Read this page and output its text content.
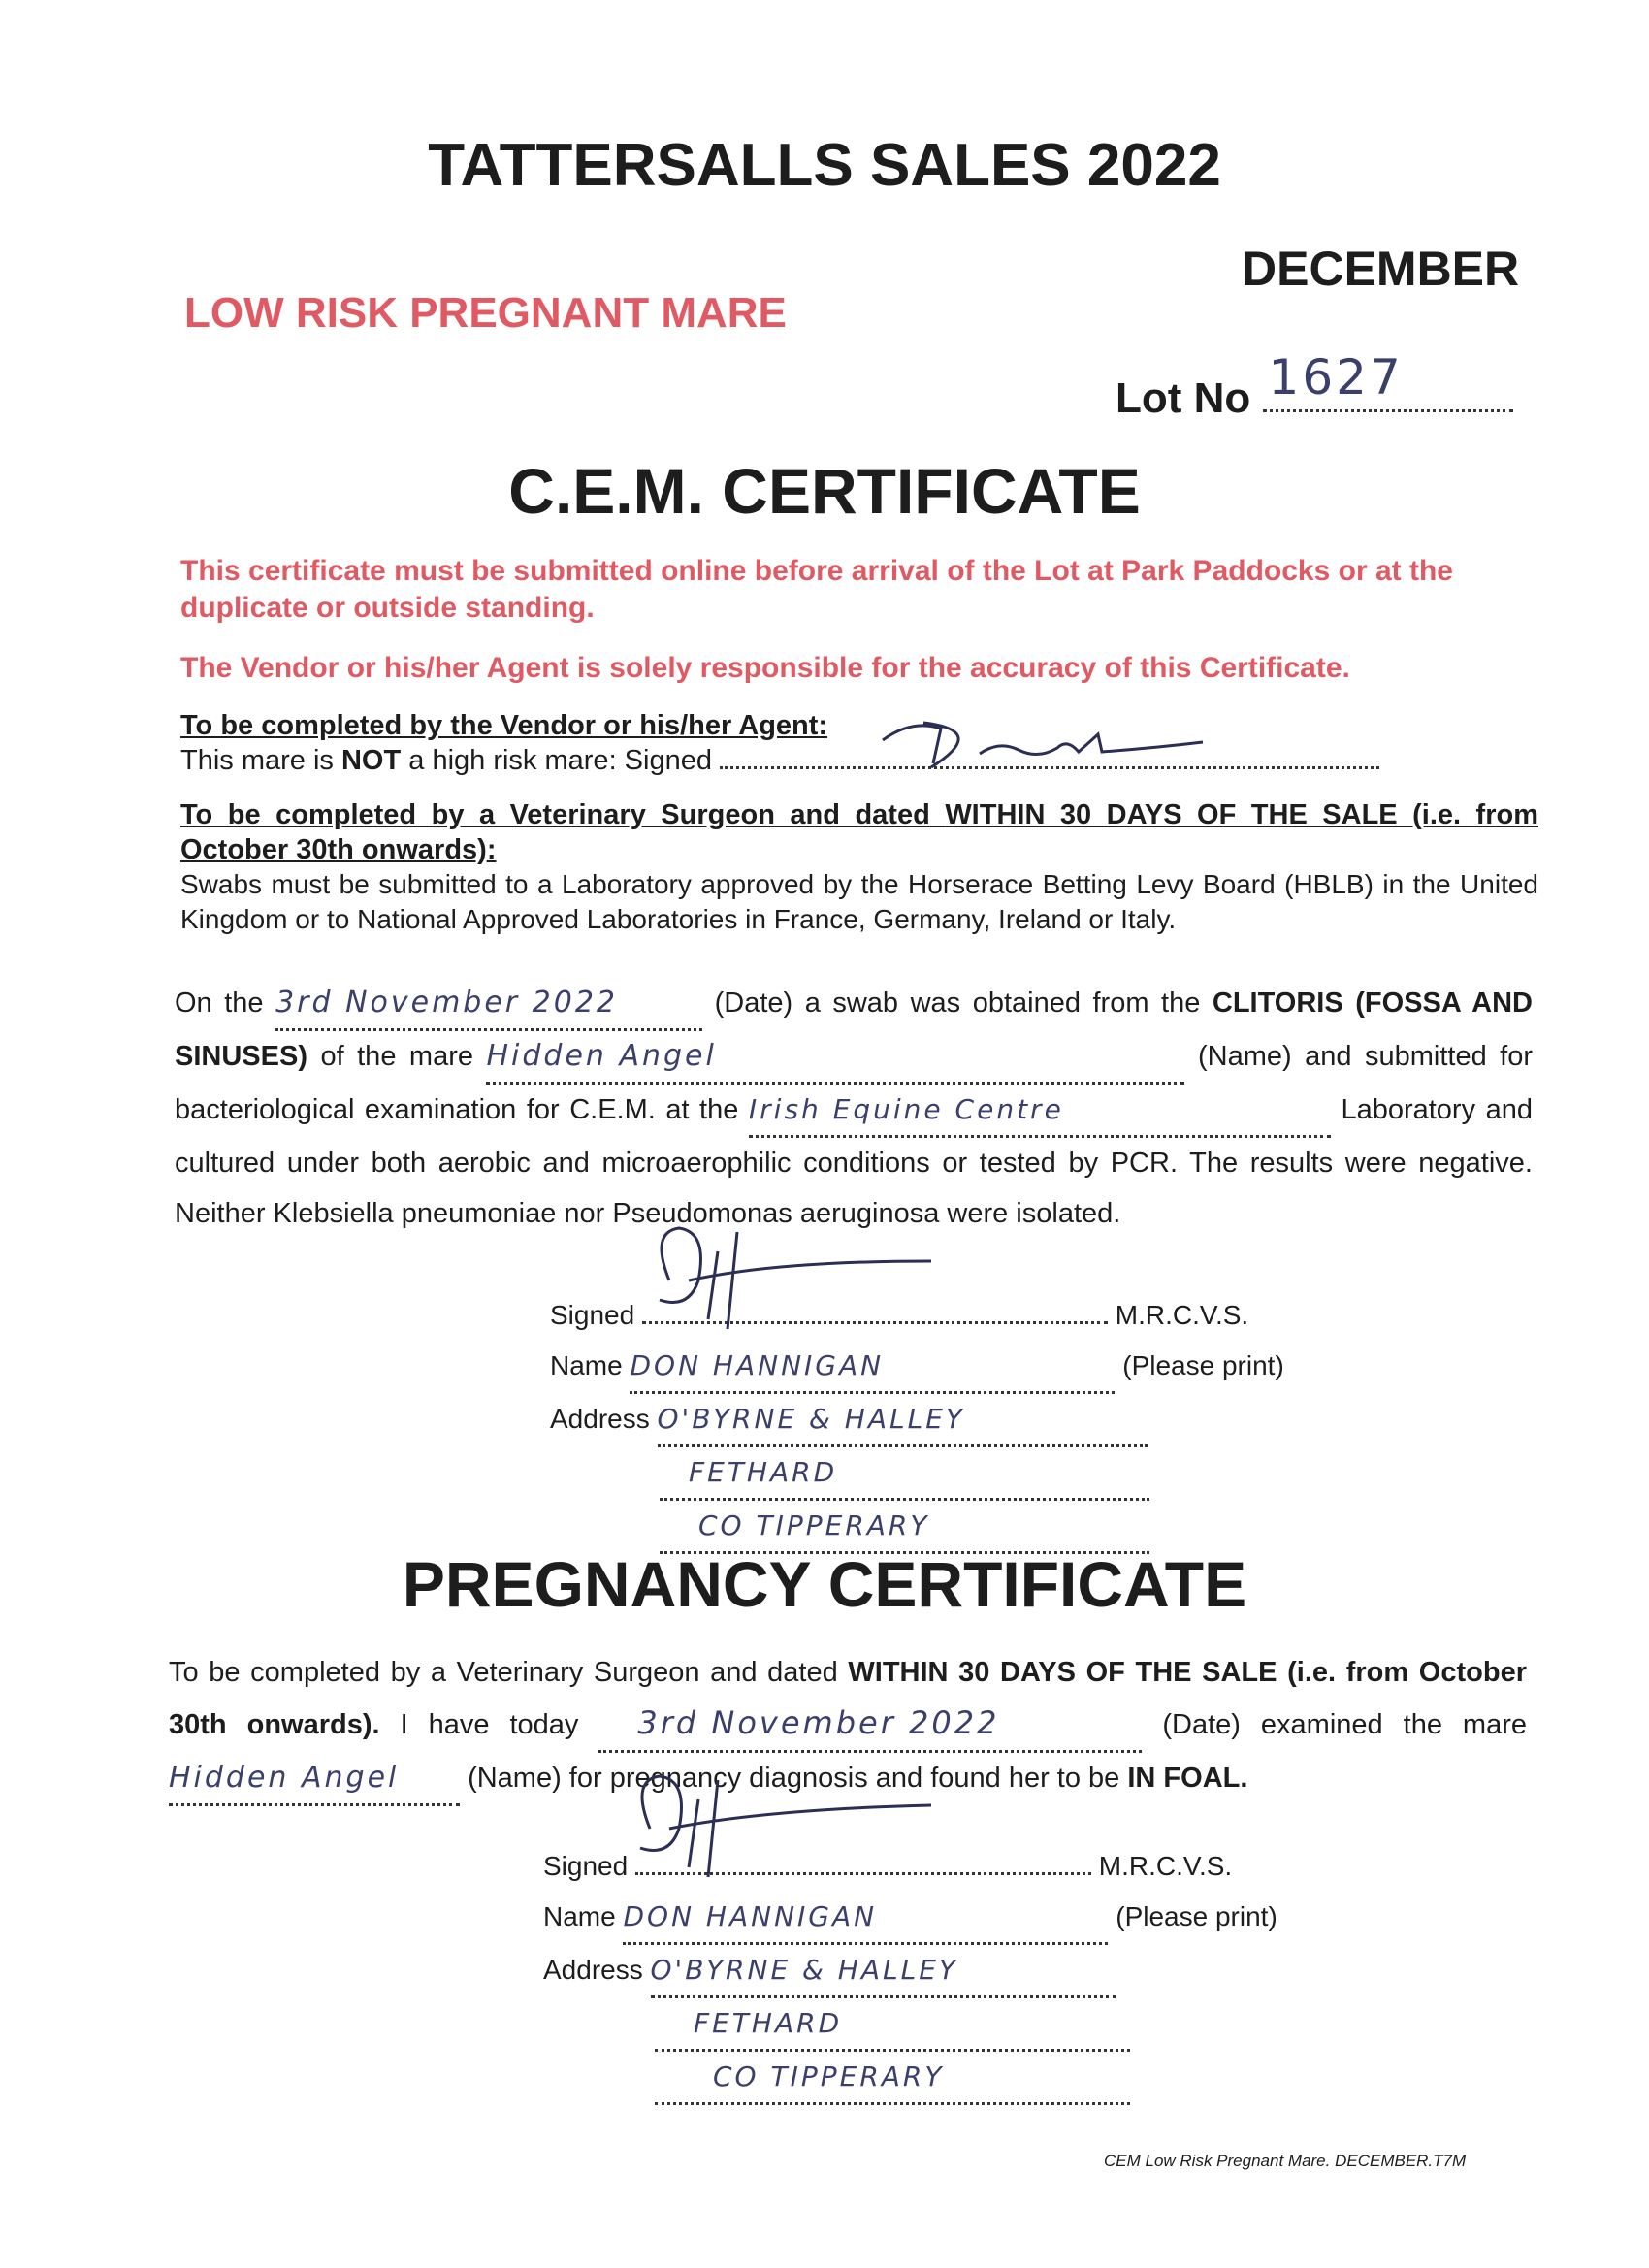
TATTERSALLS SALES 2022
DECEMBER
LOW RISK PREGNANT MARE
Lot No 1627
C.E.M. CERTIFICATE
This certificate must be submitted online before arrival of the Lot at Park Paddocks or at the duplicate or outside standing.
The Vendor or his/her Agent is solely responsible for the accuracy of this Certificate.
To be completed by the Vendor or his/her Agent:
This mare is NOT a high risk mare: Signed
To be completed by a Veterinary Surgeon and dated WITHIN 30 DAYS OF THE SALE (i.e. from October 30th onwards):
Swabs must be submitted to a Laboratory approved by the Horserace Betting Levy Board (HBLB) in the United Kingdom or to National Approved Laboratories in France, Germany, Ireland or Italy.
On the 3rd November 2022	(Date) a swab was obtained from the CLITORIS (FOSSA AND SINUSES) of the mare Hidden Angel	(Name) and submitted for bacteriological examination for C.E.M. at the Irish Equine Centre	Laboratory and cultured under both aerobic and microaerophilic conditions or tested by PCR. The results were negative. Neither Klebsiella pneumoniae nor Pseudomonas aeruginosa were isolated.
Signed	M.R.C.V.S.
Name DON HANNIGAN	(Please print)
Address O'BYRNE & HALLEY
FETHARD
CO TIPPERARY
PREGNANCY CERTIFICATE
To be completed by a Veterinary Surgeon and dated WITHIN 30 DAYS OF THE SALE (i.e. from October 30th onwards). I have today 3rd November 2022	(Date) examined the mare Hidden Angel (Name) for pregnancy diagnosis and found her to be IN FOAL.
Signed	M.R.C.V.S.
Name DON HANNIGAN	(Please print)
Address O'BYRNE & HALLEY
FETHARD
CO TIPPERARY
CEM Low Risk Pregnant Mare. DECEMBER.T7M
